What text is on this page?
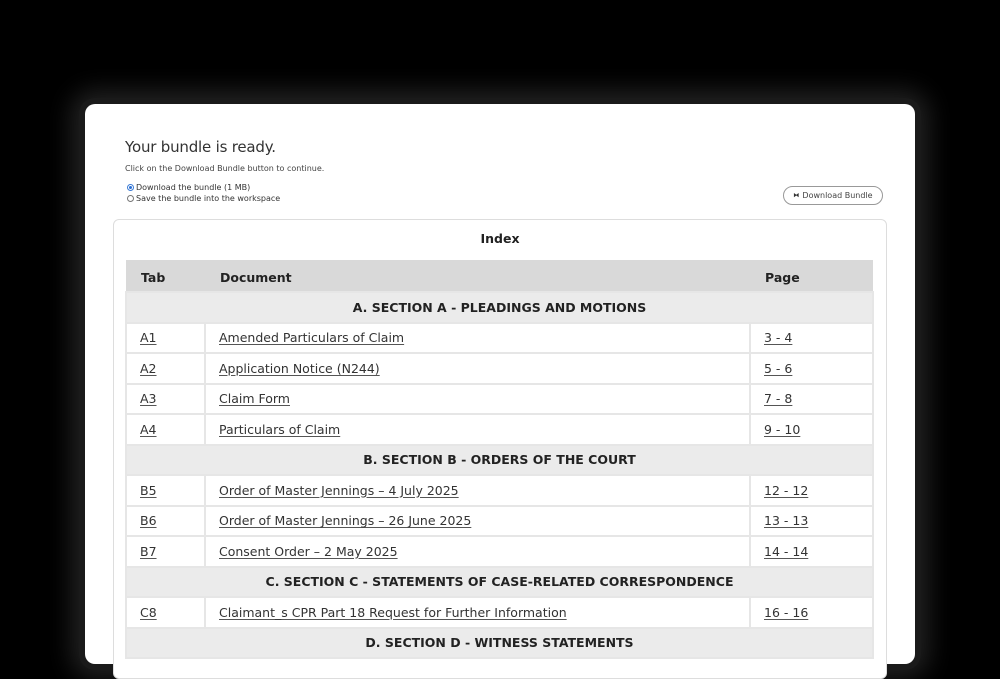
Your bundle is ready.
Click on the Download Bundle button to continue.
Download the bundle (1 MB)
Save the bundle into the workspace	⧓ Download Bundle
Index
Tab	Document	Page
A. SECTION A - PLEADINGS AND MOTIONS		
A1	Amended Particulars of Claim	3 - 4
A2	Application Notice (N244)	5 - 6
A3	Claim Form	7 - 8
A4	Particulars of Claim	9 - 10
B. SECTION B - ORDERS OF THE COURT		
B5	Order of Master Jennings – 4 July 2025	12 - 12
B6	Order of Master Jennings – 26 June 2025	13 - 13
B7	Consent Order – 2 May 2025	14 - 14
C. SECTION C - STATEMENTS OF CASE-RELATED CORRESPONDENCE		
C8	Claimant_s CPR Part 18 Request for Further Information	16 - 16
D. SECTION D - WITNESS STATEMENTS		
